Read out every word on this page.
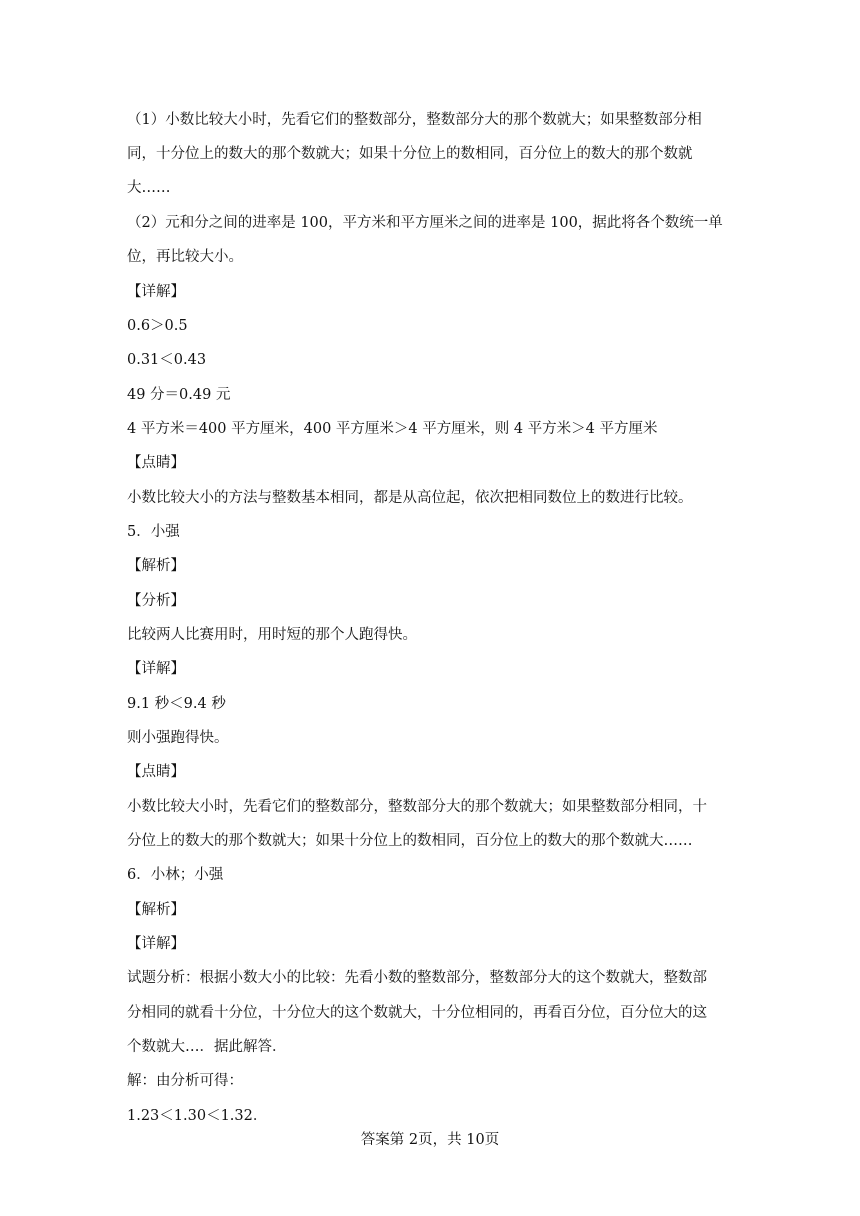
（1）小数比较大小时，先看它们的整数部分，整数部分大的那个数就大；如果整数部分相
同，十分位上的数大的那个数就大；如果十分位上的数相同，百分位上的数大的那个数就
大……
（2）元和分之间的进率是 100，平方米和平方厘米之间的进率是 100，据此将各个数统一单
位，再比较大小。
【详解】
0.6＞0.5
0.31＜0.43
49 分＝0.49 元
4 平方米＝400 平方厘米，400 平方厘米＞4 平方厘米，则 4 平方米＞4 平方厘米
【点睛】
小数比较大小的方法与整数基本相同，都是从高位起，依次把相同数位上的数进行比较。
5．小强
【解析】
【分析】
比较两人比赛用时，用时短的那个人跑得快。
【详解】
9.1 秒＜9.4 秒
则小强跑得快。
【点睛】
小数比较大小时，先看它们的整数部分，整数部分大的那个数就大；如果整数部分相同，十
分位上的数大的那个数就大；如果十分位上的数相同，百分位上的数大的那个数就大……
6．小林；小强
【解析】
【详解】
试题分析：根据小数大小的比较：先看小数的整数部分，整数部分大的这个数就大，整数部
分相同的就看十分位，十分位大的这个数就大，十分位相同的，再看百分位，百分位大的这
个数就大…．据此解答．
解：由分析可得：
1.23＜1.30＜1.32．
答案第 2页，共 10页
